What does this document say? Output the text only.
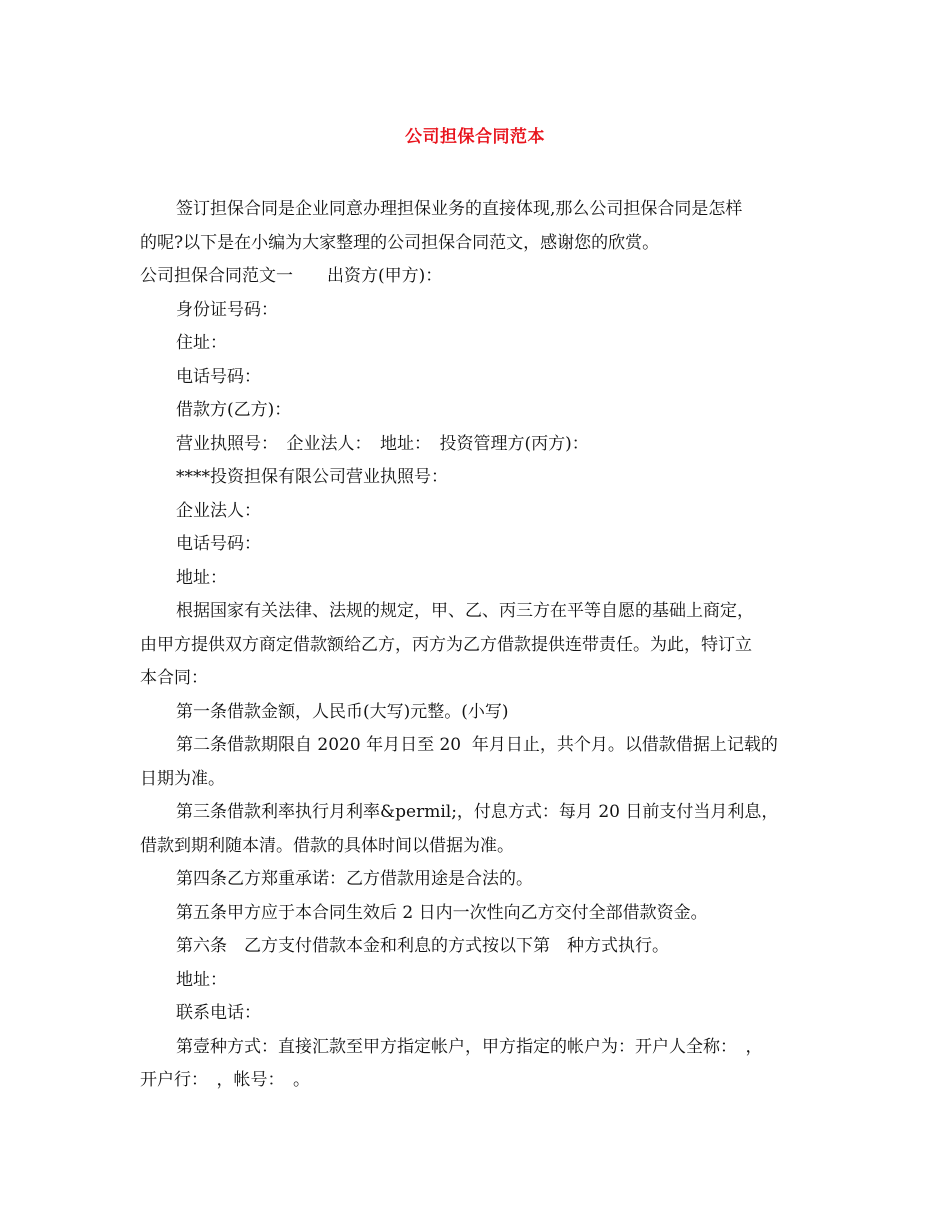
公司担保合同范本

签订担保合同是企业同意办理担保业务的直接体现,那么公司担保合同是怎样

的呢?以下是在小编为大家整理的公司担保合同范文，感谢您的欣赏。

公司担保合同范文一　　出资方(甲方)：

身份证号码：

住址：

电话号码：

借款方(乙方)：

营业执照号：　企业法人：　地址：　投资管理方(丙方)：

****投资担保有限公司营业执照号：

企业法人：

电话号码：

地址：

根据国家有关法律、法规的规定，甲、乙、丙三方在平等自愿的基础上商定，

由甲方提供双方商定借款额给乙方，丙方为乙方借款提供连带责任。为此，特订立

本合同：

第一条借款金额，人民币(大写)元整。(小写)

第二条借款期限自 2020 年月日至 20  年月日止，共个月。以借款借据上记载的

日期为准。

第三条借款利率执行月利率&permil;，付息方式：每月 20 日前支付当月利息，

借款到期利随本清。借款的具体时间以借据为准。

第四条乙方郑重承诺：乙方借款用途是合法的。

第五条甲方应于本合同生效后 2 日内一次性向乙方交付全部借款资金。

第六条　乙方支付借款本金和利息的方式按以下第　种方式执行。

地址：

联系电话：

第壹种方式：直接汇款至甲方指定帐户，甲方指定的帐户为：开户人全称：　，

开户行：　，帐号：　。
